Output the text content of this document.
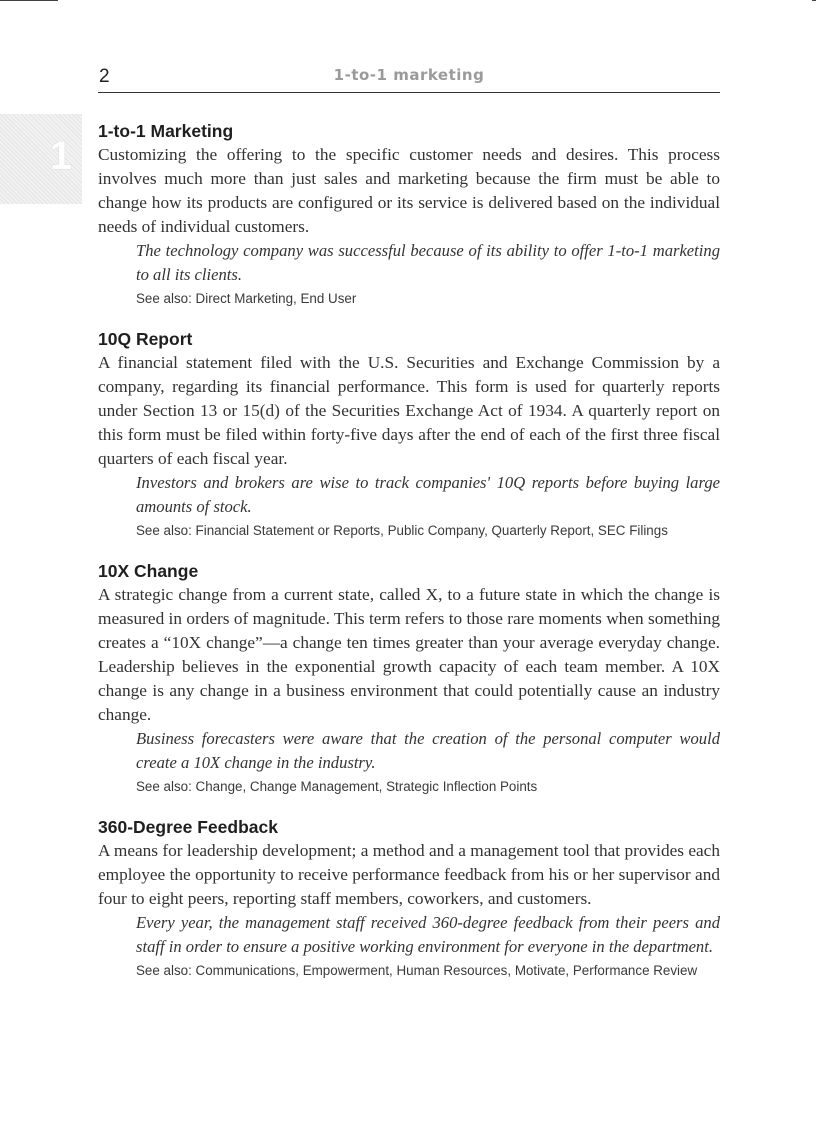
1
2	1-to-1 marketing
1-to-1 Marketing

Customizing the offering to the specific customer needs and desires. This process involves much more than just sales and marketing because the firm must be able to change how its products are configured or its service is delivered based on the individual needs of individual customers.

The technology company was successful because of its ability to offer 1-to-1 marketing to all its clients.

See also: Direct Marketing, End User

10Q Report

A financial statement filed with the U.S. Securities and Exchange Commission by a company, regarding its financial performance. This form is used for quarterly reports under Section 13 or 15(d) of the Securities Exchange Act of 1934. A quarterly report on this form must be filed within forty-five days after the end of each of the first three fiscal quarters of each fiscal year.

Investors and brokers are wise to track companies' 10Q reports before buying large amounts of stock.

See also: Financial Statement or Reports, Public Company, Quarterly Report, SEC Filings

10X Change

A strategic change from a current state, called X, to a future state in which the change is measured in orders of magnitude. This term refers to those rare moments when something creates a “10X change”—a change ten times greater than your average everyday change. Leadership believes in the exponential growth capacity of each team member. A 10X change is any change in a business environment that could potentially cause an industry change.

Business forecasters were aware that the creation of the personal computer would create a 10X change in the industry.

See also: Change, Change Management, Strategic Inflection Points

360-Degree Feedback

A means for leadership development; a method and a management tool that provides each employee the opportunity to receive performance feedback from his or her supervisor and four to eight peers, reporting staff members, coworkers, and customers.

Every year, the management staff received 360-degree feedback from their peers and staff in order to ensure a positive working environment for everyone in the department.

See also: Communications, Empowerment, Human Resources, Motivate, Performance Review
